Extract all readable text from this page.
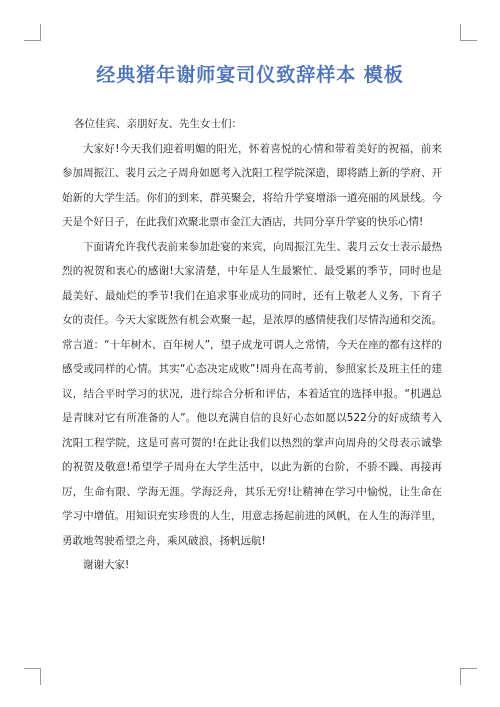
经典猪年谢师宴司仪致辞样本 模板

各位佳宾、亲朋好友、先生女士们：

大家好!今天我们迎着明媚的阳光，怀着喜悦的心情和带着美好的祝福，前来参加周振江、裴月云之子周舟如愿考入沈阳工程学院深造，即将踏上新的学府、开始新的大学生活。你们的到来，群英聚会，将给升学宴增添一道亮丽的风景线。今天是个好日子，在此我们欢聚北票市金江大酒店，共同分享升学宴的快乐心情!

下面请允许我代表前来参加赴宴的来宾，向周振江先生、裴月云女士表示最热烈的祝贺和衷心的感谢!大家清楚，中年是人生最繁忙、最受累的季节，同时也是最美好、最灿烂的季节!我们在追求事业成功的同时，还有上敬老人义务，下育子女的责任。今天大家既然有机会欢聚一起，是浓厚的感情使我们尽情沟通和交流。常言道：“十年树木、百年树人”，望子成龙可谓人之常情，今天在座的都有这样的感受或同样的心情。其实“心态决定成败”!周舟在高考前，参照家长及班主任的建议，结合平时学习的状况，进行综合分析和评估，本着适宜的选择申报。“机遇总是青睐对它有所准备的人”。他以充满自信的良好心态如愿以522分的好成绩考入沈阳工程学院，这是可喜可贺的!在此让我们以热烈的掌声向周舟的父母表示诚挚的祝贺及敬意!希望学子周舟在大学生活中，以此为新的台阶，不骄不躁、再接再厉，生命有限、学海无涯。学海泛舟，其乐无穷!让精神在学习中愉悦，让生命在学习中增值。用知识充实珍贵的人生，用意志扬起前进的风帆，在人生的海洋里，勇敢地驾驶希望之舟，乘风破浪，扬帆远航!

谢谢大家!
